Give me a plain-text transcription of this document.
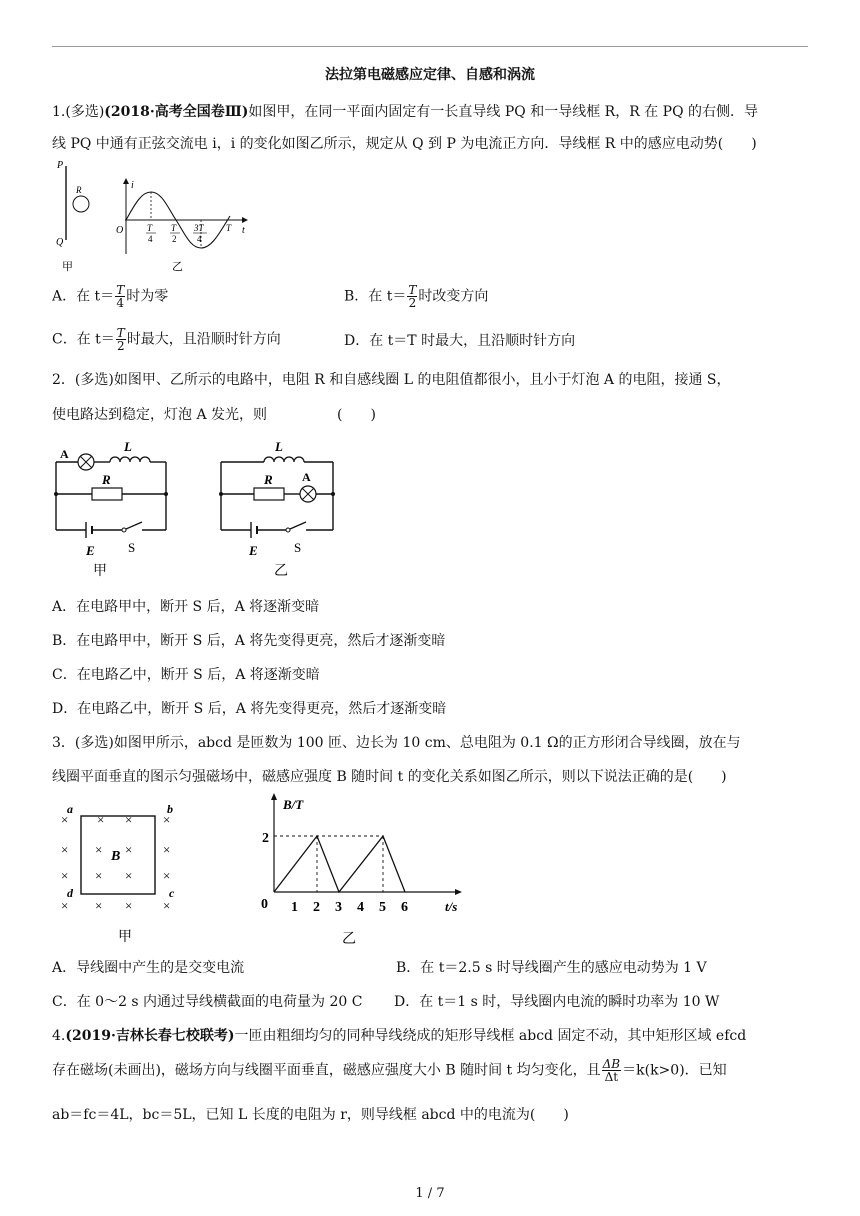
法拉第电磁感应定律、自感和涡流
1.(多选)(2018·高考全国卷Ⅲ)如图甲，在同一平面内固定有一长直导线 PQ 和一导线框 R，R 在 PQ 的右侧．导
线 PQ 中通有正弦交流电 i，i 的变化如图乙所示，规定从 Q 到 P 为电流正方向．导线框 R 中的感应电动势(　　)
P
Q
R
甲
i
O	t
T
4
T
2
3T
4
T
乙
A．在 $t= \frac{T}{4}$ 时为零	B．在 $t= \frac{T}{2}$ 时改变方向
C．在 $t= \frac{T}{2}$ 时最大，且沿顺时针方向	D．在 t＝T 时最大，且沿顺时针方向
2．(多选)如图甲、乙所示的电路中，电阻 R 和自感线圈 L 的电阻值都很小，且小于灯泡 A 的电阻，接通 S，
使电路达到稳定，灯泡 A 发光，则　　　　　(　　)
A	L
R
E	S
甲
L
R A
E	S
乙
A．在电路甲中，断开 S 后，A 将逐渐变暗
B．在电路甲中，断开 S 后，A 将先变得更亮，然后才逐渐变暗
C．在电路乙中，断开 S 后，A 将逐渐变暗
D．在电路乙中，断开 S 后，A 将先变得更亮，然后才逐渐变暗
3．(多选)如图甲所示，abcd 是匝数为 100 匝、边长为 10 cm、总电阻为 0.1 Ω的正方形闭合导线圈，放在与
线圈平面垂直的图示匀强磁场中，磁感应强度 B 随时间 t 的变化关系如图乙所示，则以下说法正确的是(　　)
a	b
c
d
B
× × × ×
× × × ×
× × × ×
× × × ×
甲
B/T
t/s
2
0 1 2 3 4 5 6
乙
A．导线圈中产生的是交变电流	B．在 t＝2.5 s 时导线圈产生的感应电动势为 1 V
C．在 0～2 s 内通过导线横截面的电荷量为 20 C D．在 t＝1 s 时，导线圈内电流的瞬时功率为 10 W
4.(2019·吉林长春七校联考)一匝由粗细均匀的同种导线绕成的矩形导线框 abcd 固定不动，其中矩形区域 efcd
存在磁场(未画出)，磁场方向与线圈平面垂直，磁感应强度大小 B 随时间 t 均匀变化，且 $\frac{\Delta B}{\Delta t} =k(k>0)$．已知
ab＝fc＝4L，bc＝5L，已知 L 长度的电阻为 r，则导线框 abcd 中的电流为(　　)
1 / 7
